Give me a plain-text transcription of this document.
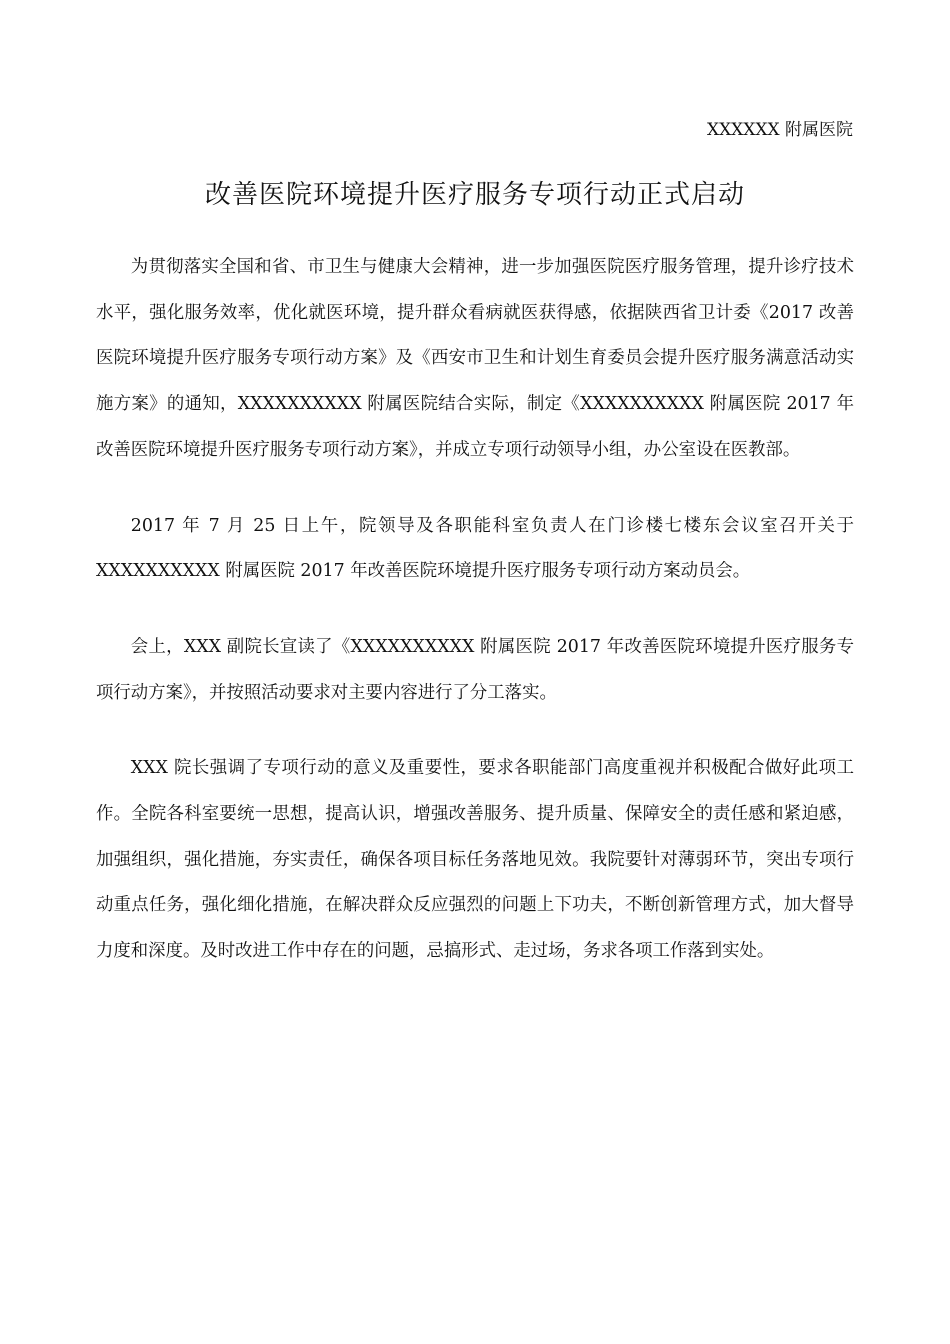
XXXXXX 附属医院
改善医院环境提升医疗服务专项行动正式启动

为贯彻落实全国和省、市卫生与健康大会精神，进一步加强医院医疗服务管理，提升诊疗技术水平，强化服务效率，优化就医环境，提升群众看病就医获得感，依据陕西省卫计委《2017 改善医院环境提升医疗服务专项行动方案》及《西安市卫生和计划生育委员会提升医疗服务满意活动实施方案》的通知，XXXXXXXXXX 附属医院结合实际，制定《XXXXXXXXXX 附属医院 2017 年改善医院环境提升医疗服务专项行动方案》，并成立专项行动领导小组，办公室设在医教部。

2017 年 7 月 25 日上午，院领导及各职能科室负责人在门诊楼七楼东会议室召开关于 XXXXXXXXXX 附属医院 2017 年改善医院环境提升医疗服务专项行动方案动员会。

会上，XXX 副院长宣读了《XXXXXXXXXX 附属医院 2017 年改善医院环境提升医疗服务专项行动方案》，并按照活动要求对主要内容进行了分工落实。

XXX 院长强调了专项行动的意义及重要性，要求各职能部门高度重视并积极配合做好此项工作。全院各科室要统一思想，提高认识，增强改善服务、提升质量、保障安全的责任感和紧迫感，加强组织，强化措施，夯实责任，确保各项目标任务落地见效。我院要针对薄弱环节，突出专项行动重点任务，强化细化措施，在解决群众反应强烈的问题上下功夫，不断创新管理方式，加大督导力度和深度。及时改进工作中存在的问题，忌搞形式、走过场，务求各项工作落到实处。
